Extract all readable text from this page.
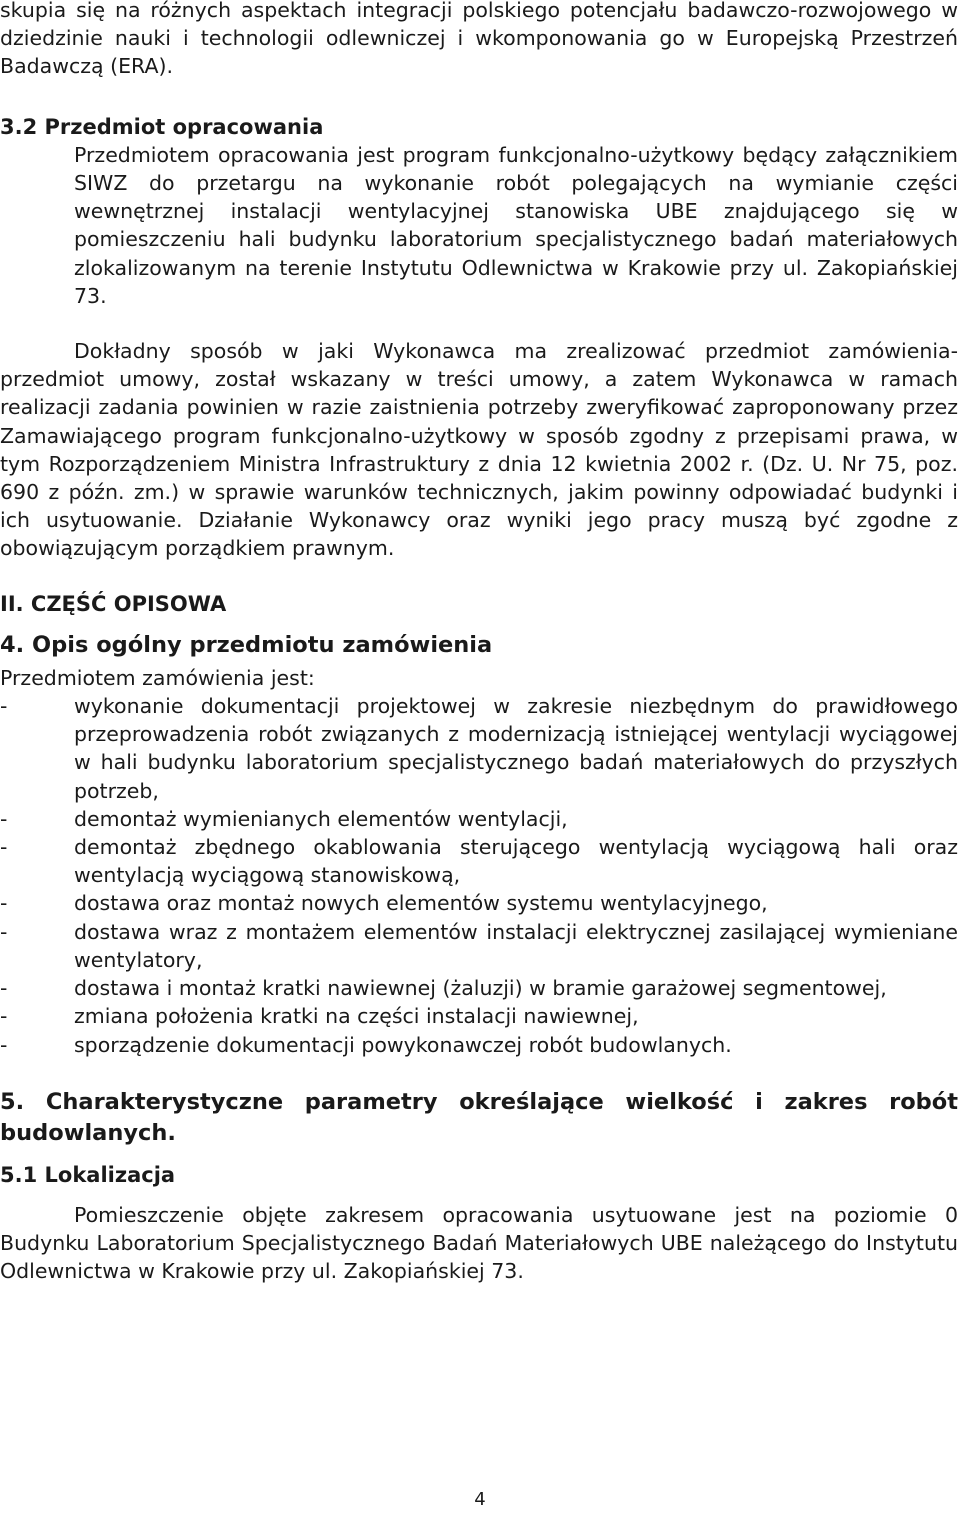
skupia się na różnych aspektach integracji polskiego potencjału badawczo-rozwojowego w dziedzinie nauki i technologii odlewniczej i wkomponowania go w Europejską Przestrzeń Badawczą (ERA).

3.2 Przedmiot opracowania

Przedmiotem opracowania jest program funkcjonalno-użytkowy będący załącznikiem SIWZ do przetargu na wykonanie robót polegających na wymianie części wewnętrznej instalacji wentylacyjnej stanowiska UBE znajdującego się w pomieszczeniu hali budynku laboratorium specjalistycznego badań materiałowych zlokalizowanym na terenie Instytutu Odlewnictwa w Krakowie przy ul. Zakopiańskiej 73.

Dokładny sposób w jaki Wykonawca ma zrealizować przedmiot zamówienia-przedmiot umowy, został wskazany w treści umowy, a zatem Wykonawca w ramach realizacji zadania powinien w razie zaistnienia potrzeby zweryfikować zaproponowany przez Zamawiającego program funkcjonalno-użytkowy w sposób zgodny z przepisami prawa, w tym Rozporządzeniem Ministra Infrastruktury z dnia 12 kwietnia 2002 r. (Dz. U. Nr 75, poz. 690 z późn. zm.) w sprawie warunków technicznych, jakim powinny odpowiadać budynki i ich usytuowanie. Działanie Wykonawcy oraz wyniki jego pracy muszą być zgodne z obowiązującym porządkiem prawnym.

II. CZĘŚĆ OPISOWA

4. Opis ogólny przedmiotu zamówienia

Przedmiotem zamówienia jest:

-	wykonanie dokumentacji projektowej w zakresie niezbędnym do prawidłowego przeprowadzenia robót związanych z modernizacją istniejącej wentylacji wyciągowej w hali budynku laboratorium specjalistycznego badań materiałowych do przyszłych potrzeb,
-	demontaż wymienianych elementów wentylacji,
-	demontaż zbędnego okablowania sterującego wentylacją wyciągową hali oraz wentylacją wyciągową stanowiskową,
-	dostawa oraz montaż nowych elementów systemu wentylacyjnego,
-	dostawa wraz z montażem elementów instalacji elektrycznej zasilającej wymieniane wentylatory,
-	dostawa i montaż kratki nawiewnej (żaluzji) w bramie garażowej segmentowej,
-	zmiana położenia kratki na części instalacji nawiewnej,
-	sporządzenie dokumentacji powykonawczej robót budowlanych.

5. Charakterystyczne parametry określające wielkość i zakres robót budowlanych.

5.1 Lokalizacja

Pomieszczenie objęte zakresem opracowania usytuowane jest na poziomie 0 Budynku Laboratorium Specjalistycznego Badań Materiałowych UBE należącego do Instytutu Odlewnictwa w Krakowie przy ul. Zakopiańskiej 73.

4
